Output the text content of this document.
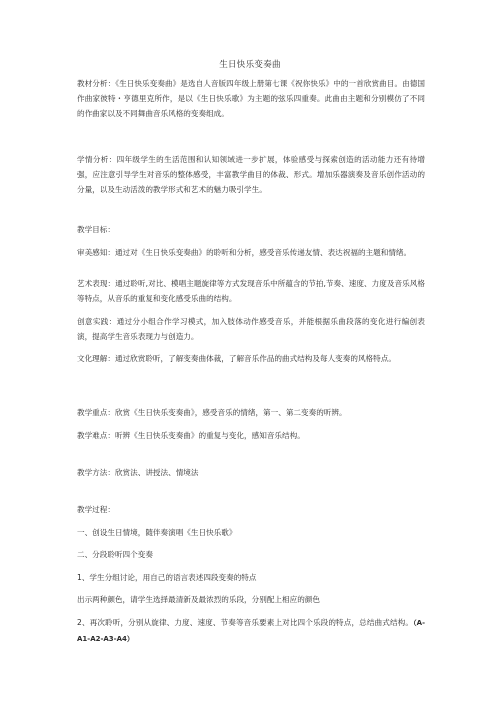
生日快乐变奏曲

教材分析：《生日快乐变奏曲》是选自人音版四年级上册第七课《祝你快乐》中的一首欣赏曲目。由德国作曲家彼特・亨德里克所作，是以《生日快乐歌》为主题的弦乐四重奏。此曲由主题和分别模仿了不同的作曲家以及不同舞曲音乐风格的变奏组成。

学情分析：四年级学生的生活范围和认知领域进一步扩展，体验感受与探索创造的活动能力还有待增强，应注意引导学生对音乐的整体感受，丰富教学曲目的体裁、形式。增加乐器演奏及音乐创作活动的分量，以及生动活泼的教学形式和艺术的魅力吸引学生。

教学目标：

审美感知：通过对《生日快乐变奏曲》的聆听和分析，感受音乐传递友情、表达祝福的主题和情绪。

艺术表现：通过聆听,对比、模唱主题旋律等方式发现音乐中所蕴含的节拍,节奏、速度、力度及音乐风格等特点，从音乐的重复和变化感受乐曲的结构。

创意实践：通过分小组合作学习模式，加入肢体动作感受音乐，并能根据乐曲段落的变化进行编创表演，提高学生音乐表现力与创造力。

文化理解：通过欣赏聆听，了解变奏曲体裁，了解音乐作品的曲式结构及每人变奏的风格特点。

教学重点：欣赏《生日快乐变奏曲》，感受音乐的情绪，第一、第二变奏的听辨。

教学难点：听辨《生日快乐变奏曲》的重复与变化，感知音乐结构。

教学方法：欣赏法、讲授法、情境法

教学过程：

一、创设生日情境，随伴奏演唱《生日快乐歌》

二、分段聆听四个变奏

1、学生分组讨论，用自己的语言表述四段变奏的特点

出示两种颜色，请学生选择最清新及最浓烈的乐段，分别配上相应的颜色

2、再次聆听，分别从旋律、力度、速度、节奏等音乐要素上对比四个乐段的特点，总结曲式结构。（A-A1-A2-A3-A4）
